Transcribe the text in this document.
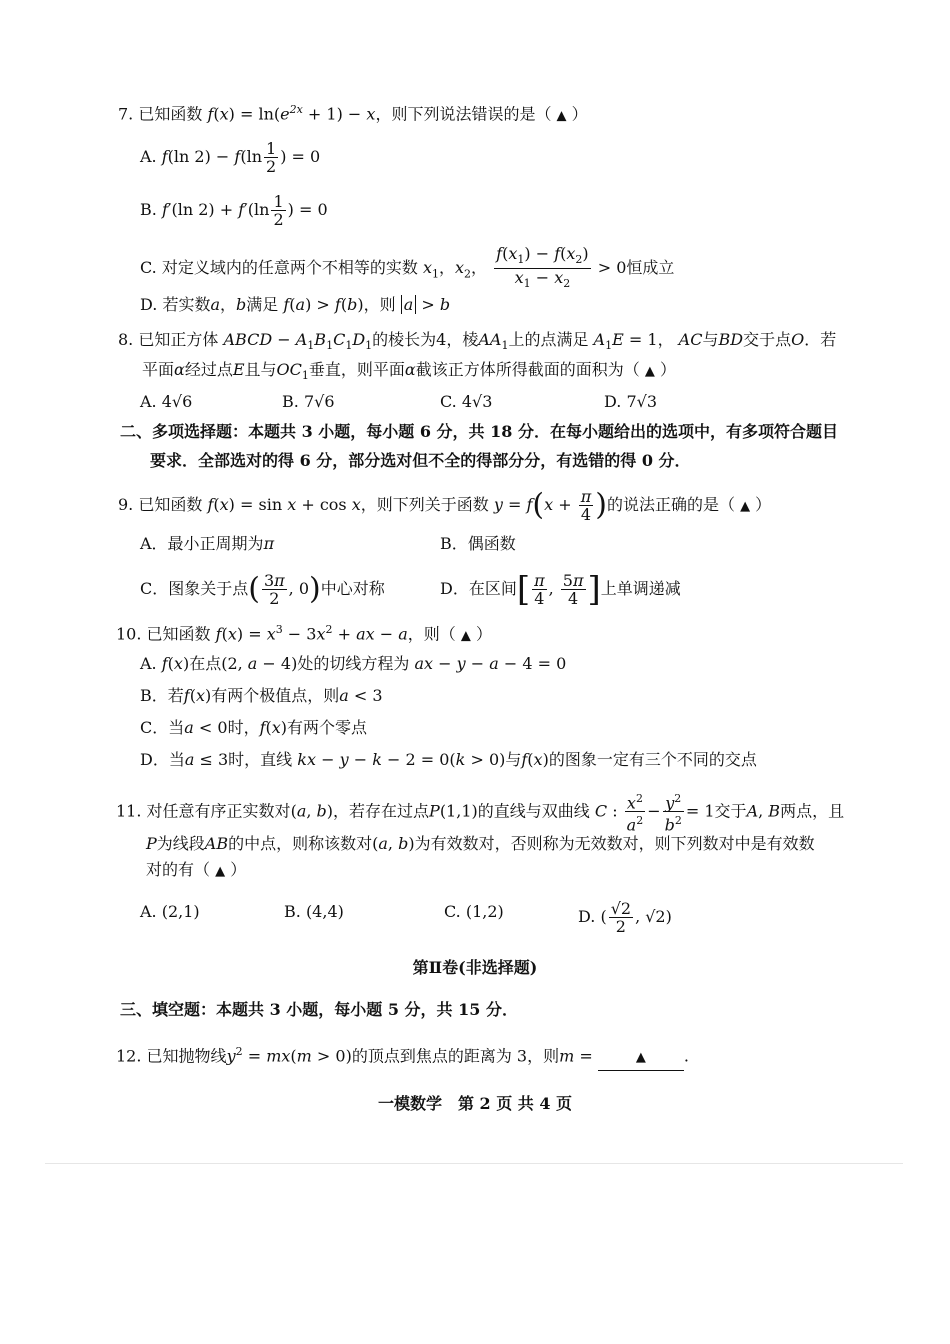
7. 已知函数 $f(x) = \ln(e^{2x} + 1) - x$，则下列说法错误的是（ ▲ ）
A. f(ln $2) - f(\ln \frac{1}{2}$ ) = 0
B. f′(ln $2) + f'(\ln \frac{1}{2}$ ) = 0
C. 对定义域内的任意两个不相等的实数 $x_1$，$x_2$， $\frac{f(x_1) - f(x_2)}{x_1 - x_2} > 0$恒成立
D. 若实数a，b满足 f(a) > f(b)，则 a > b
8. 已知正方体 ABCD − $A_1B_1C_1D_1$的棱长为4，棱$AA_1$上的点满足 $A_1E = 1$， AC与BD交于点O．若
平面α经过点E且与$OC_1$垂直，则平面α截该正方体所得截面的面积为（ ▲ ）
A. 4√6	B. 7√6	C. 4√3	D. 7√3
二、多项选择题：本题共 3 小题，每小题 6 分，共 18 分．在每小题给出的选项中，有多项符合题目
要求．全部选对的得 6 分，部分选对但不全的得部分分，有选错的得 0 分．
9. 已知函数 f(x) = sin x + cos x，则下列关于函数 $y = f(x + \frac{\pi}{4}$ )的说法正确的是（ ▲ ）
A．最小正周期为π	B．偶函数
C．图象关于点( $\frac{3\pi}{2}$ , 0)中心对称	D．在区间[ $\frac{\pi}{4}$ , $\frac{5\pi}{4}$ ]上单调递减
10. 已知函数 $f(x) = x^3 - 3x^2$ + ax − a，则（ ▲ ）
A. f(x)在点(2, a − 4)处的切线方程为 ax − y − a − 4 = 0
B．若f(x)有两个极值点，则a < 3
C．当a < 0时，f(x)有两个零点
D．当a ≤ 3时，直线 kx − y − k − 2 = 0(k > 0)与f(x)的图象一定有三个不同的交点
11. 对任意有序正实数对(a, b)，若存在过点P(1,1)的直线与双曲线 C : $\frac{x^2}{a^2} - \frac{y^2}{b^2} = 1$交于A, B两点，且
P为线段AB的中点，则称该数对(a, b)为有效数对，否则称为无效数对，则下列数对中是有效数
对的有（ ▲ ）
A. (2,1)	B. (4,4)	C. (1,2)	D. ( $\frac{√2}{2}$ , √2)
第Ⅱ卷(非选择题)
三、填空题：本题共 3 小题，每小题 5 分，共 15 分．
12. 已知抛物线$y^2 = mx(m > 0)$的顶点到焦点的距离为 3，则m =	▲ .
一模数学　第 2 页 共 4 页
